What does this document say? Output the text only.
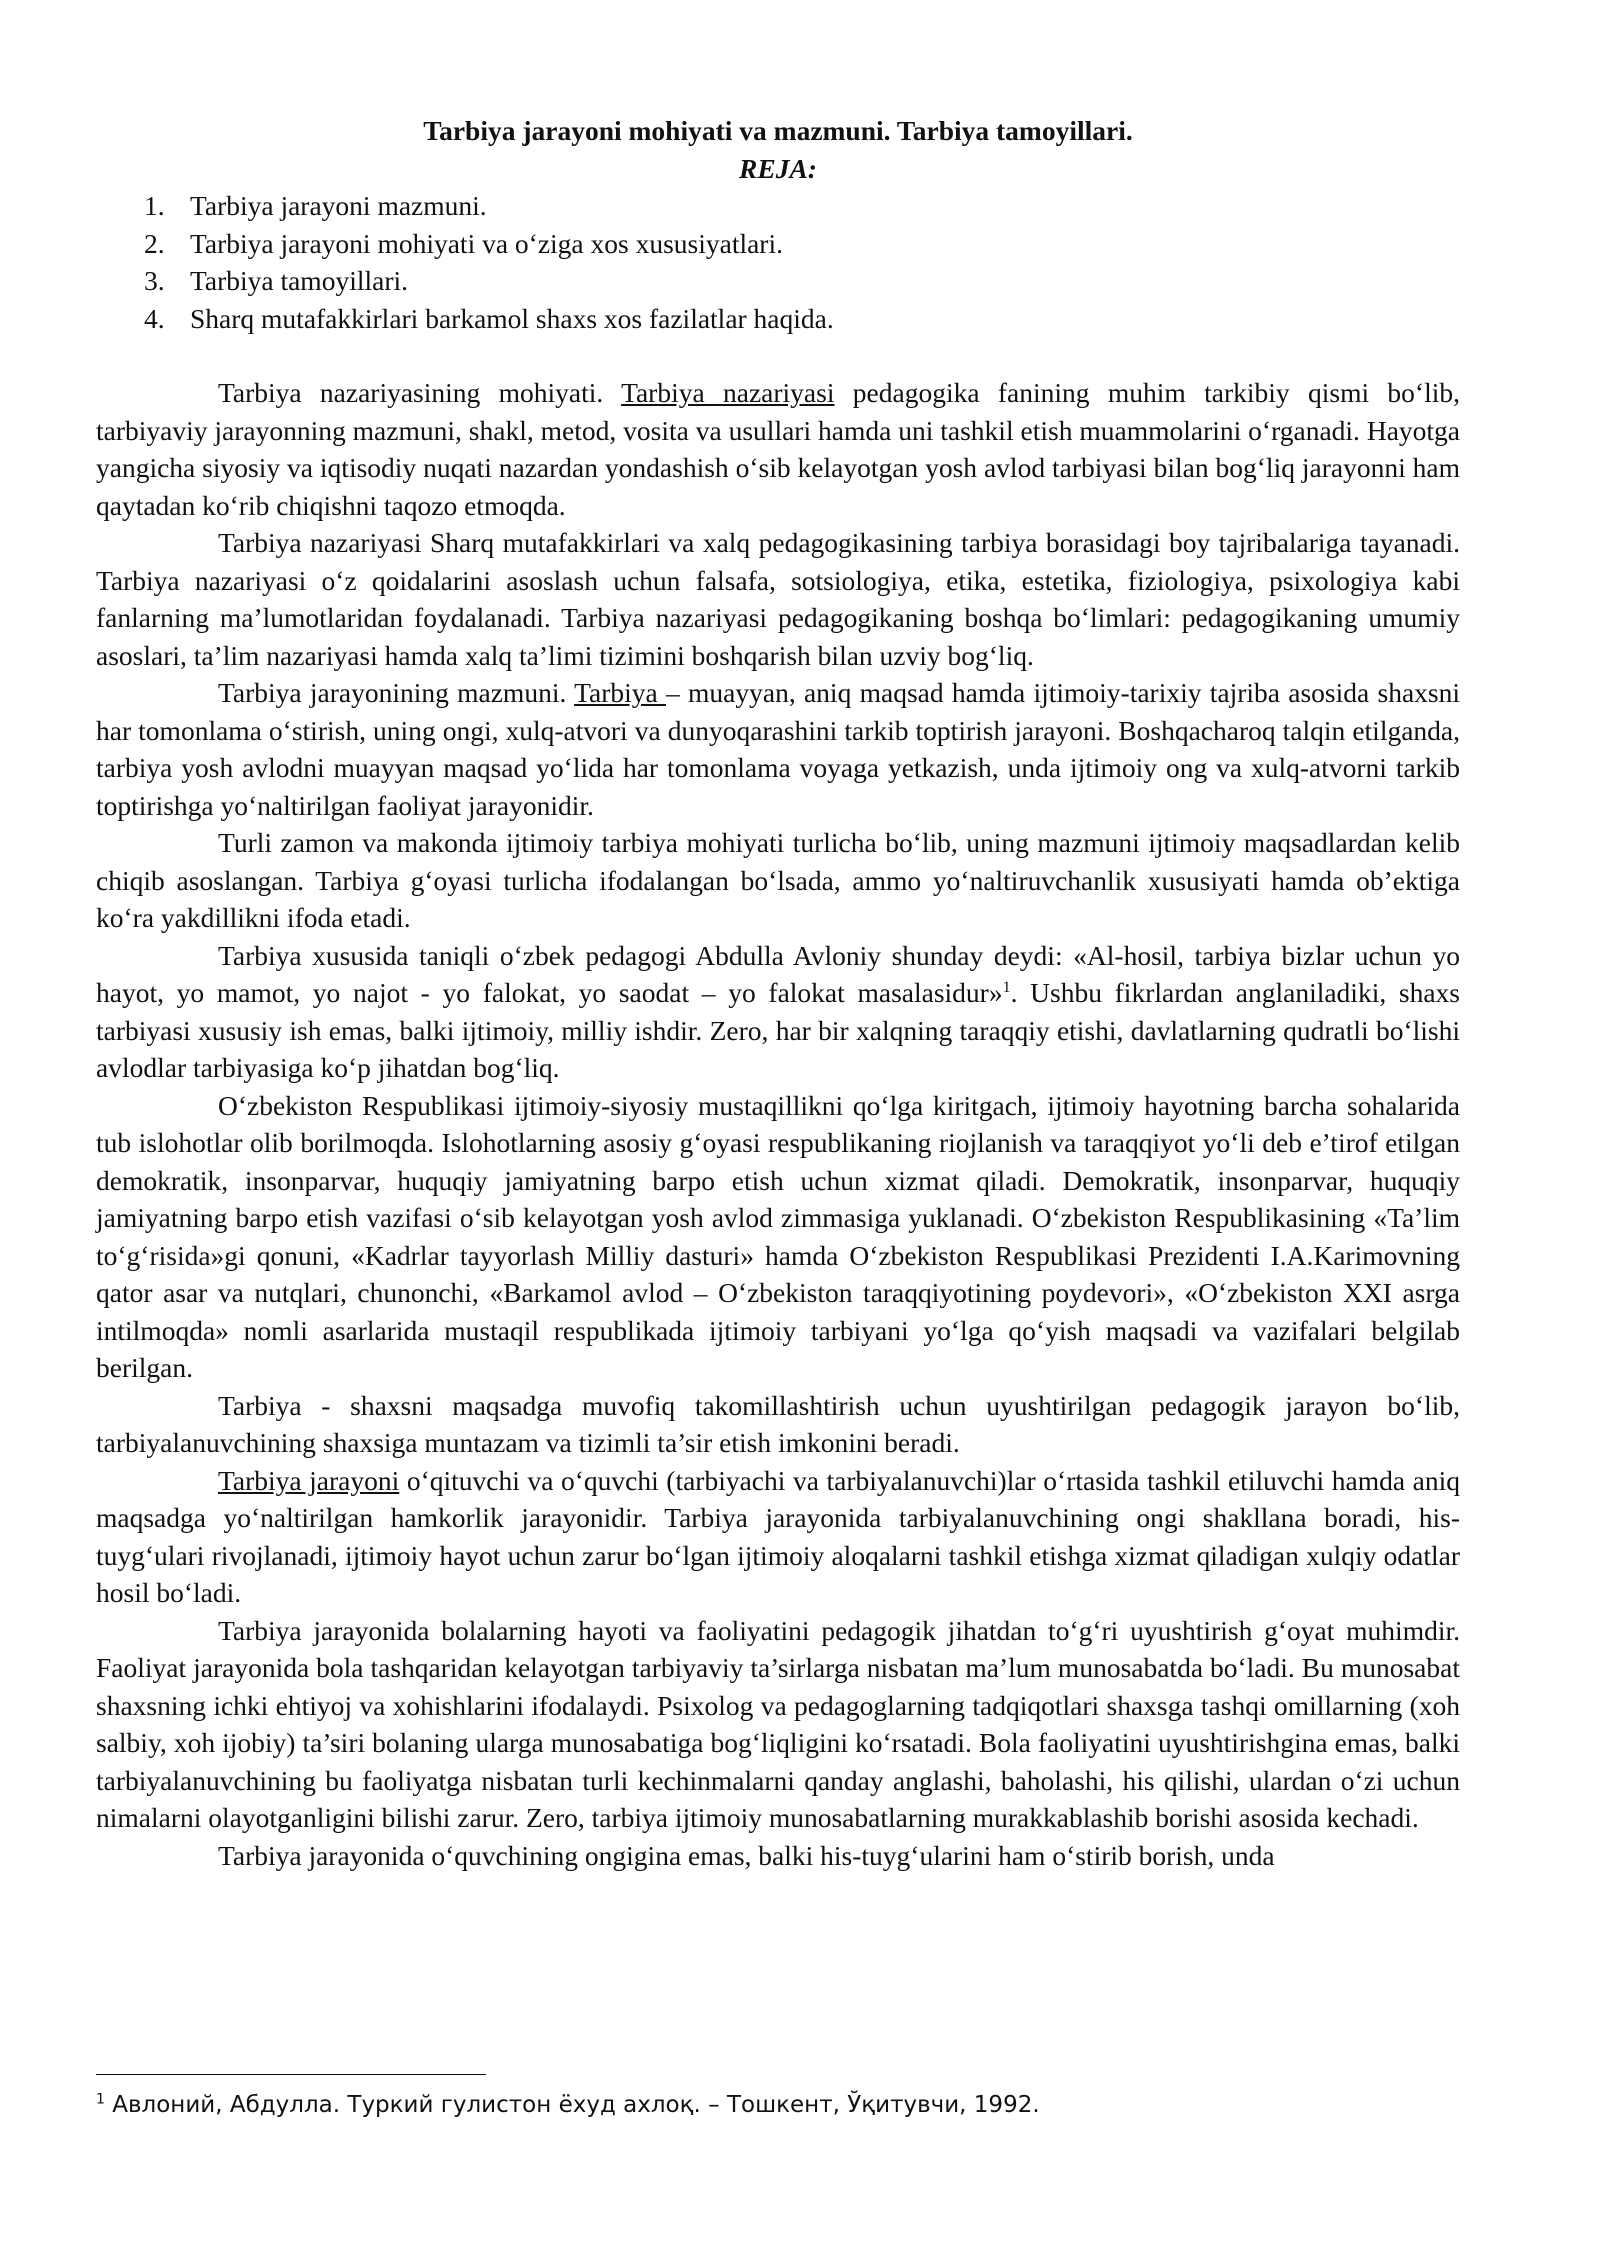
Tarbiya jarayoni mohiyati va mazmuni. Tarbiya tamoyillari.

REJA:

1. Tarbiya jarayoni mazmuni.
2. Tarbiya jarayoni mohiyati va o‘ziga xos xususiyatlari.
3. Tarbiya tamoyillari.
4. Sharq mutafakkirlari barkamol shaxs xos fazilatlar haqida.

Tarbiya nazariyasining mohiyati. Tarbiya nazariyasi pedagogika fanining muhim tarkibiy qismi bo‘lib, tarbiyaviy jarayonning mazmuni, shakl, metod, vosita va usullari hamda uni tashkil etish muammolarini o‘rganadi. Hayotga yangicha siyosiy va iqtisodiy nuqati nazardan yondashish o‘sib kelayotgan yosh avlod tarbiyasi bilan bog‘liq jarayonni ham qaytadan ko‘rib chiqishni taqozo etmoqda.

Tarbiya nazariyasi Sharq mutafakkirlari va xalq pedagogikasining tarbiya borasidagi boy tajribalariga tayanadi. Tarbiya nazariyasi o‘z qoidalarini asoslash uchun falsafa, sotsiologiya, etika, estetika, fiziologiya, psixologiya kabi fanlarning ma’lumotlaridan foydalanadi. Tarbiya nazariyasi pedagogikaning boshqa bo‘limlari: pedagogikaning umumiy asoslari, ta’lim nazariyasi hamda xalq ta’limi tizimini boshqarish bilan uzviy bog‘liq.

Tarbiya jarayonining mazmuni. Tarbiya – muayyan, aniq maqsad hamda ijtimoiy-tarixiy tajriba asosida shaxsni har tomonlama o‘stirish, uning ongi, xulq-atvori va dunyoqarashini tarkib toptirish jarayoni. Boshqacharoq talqin etilganda, tarbiya yosh avlodni muayyan maqsad yo‘lida har tomonlama voyaga yetkazish, unda ijtimoiy ong va xulq-atvorni tarkib toptirishga yo‘naltirilgan faoliyat jarayonidir.

Turli zamon va makonda ijtimoiy tarbiya mohiyati turlicha bo‘lib, uning mazmuni ijtimoiy maqsadlardan kelib chiqib asoslangan. Tarbiya g‘oyasi turlicha ifodalangan bo‘lsada, ammo yo‘naltiruvchanlik xususiyati hamda ob’ektiga ko‘ra yakdillikni ifoda etadi.

Tarbiya xususida taniqli o‘zbek pedagogi Abdulla Avloniy shunday deydi: «Al-hosil, tarbiya bizlar uchun yo hayot, yo mamot, yo najot - yo falokat, yo saodat – yo falokat masalasidur»$^1$. Ushbu fikrlardan anglaniladiki, shaxs tarbiyasi xususiy ish emas, balki ijtimoiy, milliy ishdir. Zero, har bir xalqning taraqqiy etishi, davlatlarning qudratli bo‘lishi avlodlar tarbiyasiga ko‘p jihatdan bog‘liq.

O‘zbekiston Respublikasi ijtimoiy-siyosiy mustaqillikni qo‘lga kiritgach, ijtimoiy hayotning barcha sohalarida tub islohotlar olib borilmoqda. Islohotlarning asosiy g‘oyasi respublikaning riojlanish va taraqqiyot yo‘li deb e’tirof etilgan demokratik, insonparvar, huquqiy jamiyatning barpo etish uchun xizmat qiladi. Demokratik, insonparvar, huquqiy jamiyatning barpo etish vazifasi o‘sib kelayotgan yosh avlod zimmasiga yuklanadi. O‘zbekiston Respublikasining «Ta’lim to‘g‘risida»gi qonuni, «Kadrlar tayyorlash Milliy dasturi» hamda O‘zbekiston Respublikasi Prezidenti I.A.Karimovning qator asar va nutqlari, chunonchi, «Barkamol avlod – O‘zbekiston taraqqiyotining poydevori», «O‘zbekiston XXI asrga intilmoqda» nomli asarlarida mustaqil respublikada ijtimoiy tarbiyani yo‘lga qo‘yish maqsadi va vazifalari belgilab berilgan.

Tarbiya - shaxsni maqsadga muvofiq takomillashtirish uchun uyushtirilgan pedagogik jarayon bo‘lib, tarbiyalanuvchining shaxsiga muntazam va tizimli ta’sir etish imkonini beradi.

Tarbiya jarayoni o‘qituvchi va o‘quvchi (tarbiyachi va tarbiyalanuvchi)lar o‘rtasida tashkil etiluvchi hamda aniq maqsadga yo‘naltirilgan hamkorlik jarayonidir. Tarbiya jarayonida tarbiyalanuvchining ongi shakllana boradi, his-tuyg‘ulari rivojlanadi, ijtimoiy hayot uchun zarur bo‘lgan ijtimoiy aloqalarni tashkil etishga xizmat qiladigan xulqiy odatlar hosil bo‘ladi.

Tarbiya jarayonida bolalarning hayoti va faoliyatini pedagogik jihatdan to‘g‘ri uyushtirish g‘oyat muhimdir. Faoliyat jarayonida bola tashqaridan kelayotgan tarbiyaviy ta’sirlarga nisbatan ma’lum munosabatda bo‘ladi. Bu munosabat shaxsning ichki ehtiyoj va xohishlarini ifodalaydi. Psixolog va pedagoglarning tadqiqotlari shaxsga tashqi omillarning (xoh salbiy, xoh ijobiy) ta’siri bolaning ularga munosabatiga bog‘liqligini ko‘rsatadi. Bola faoliyatini uyushtirishgina emas, balki tarbiyalanuvchining bu faoliyatga nisbatan turli kechinmalarni qanday anglashi, baholashi, his qilishi, ulardan o‘zi uchun nimalarni olayotganligini bilishi zarur. Zero, tarbiya ijtimoiy munosabatlarning murakkablashib borishi asosida kechadi.

Tarbiya jarayonida o‘quvchining ongigina emas, balki his-tuyg‘ularini ham o‘stirib borish, unda

$^1$ Авлоний, Абдулла. Туркий гулистон ёхуд ахлоқ. – Тошкент, Ўқитувчи, 1992.
